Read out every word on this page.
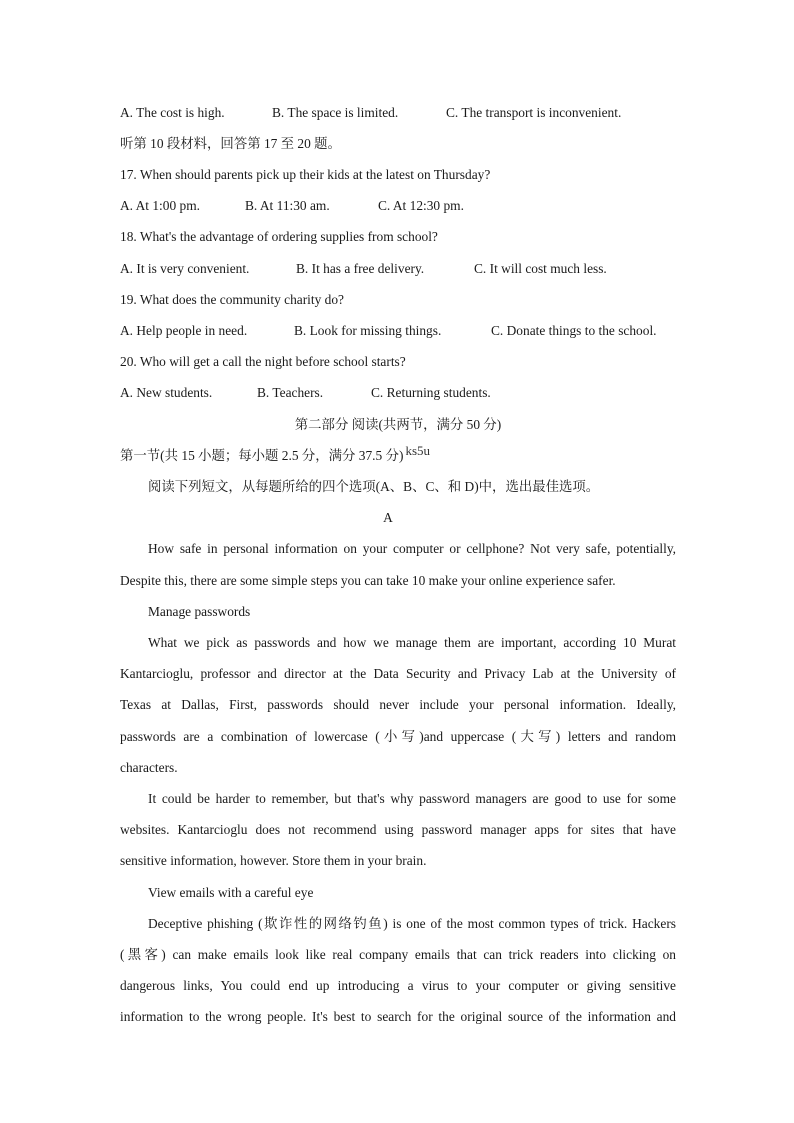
A. The cost is high.	B. The space is limited.	C. The transport is inconvenient.
听第 10 段材料，回答第 17 至 20 题。
17. When should parents pick up their kids at the latest on Thursday?
A. At 1:00 pm.	B. At 11:30 am.	C. At 12:30 pm.
18. What's the advantage of ordering supplies from school?
A. It is very convenient.	B. It has a free delivery.	C. It will cost much less.
19. What does the community charity do?
A. Help people in need.	B. Look for missing things.	C. Donate things to the school.
20. Who will get a call the night before school starts?
A. New students.	B. Teachers.	C. Returning students.
第二部分 阅读(共两节，满分 50 分)
第一节(共 15 小题；每小题 2.5 分，满分 37.5 分) ks5u
阅读下列短文，从每题所给的四个选项(A、B、C、和 D)中，选出最佳选项。
A
How safe in personal information on your computer or cellphone? Not very safe, potentially,
Despite this, there are some simple steps you can take 10 make your online experience safer.
Manage passwords
What we pick as passwords and how we manage them are important, according 10 Murat
Kantarcioglu, professor and director at the Data Security and Privacy Lab at the University of
Texas at Dallas, First, passwords should never include your personal information. Ideally,
passwords are a combination of lowercase (小写)and uppercase (大写) letters and random
characters.
It could be harder to remember, but that's why password managers are good to use for some
websites. Kantarcioglu does not recommend using password manager apps for sites that have
sensitive information, however. Store them in your brain.
View emails with a careful eye
Deceptive phishing (欺诈性的网络钓鱼) is one of the most common types of trick. Hackers
(黑客) can make emails look like real company emails that can trick readers into clicking on
dangerous links, You could end up introducing a virus to your computer or giving sensitive
information to the wrong people. It's best to search for the original source of the information and
